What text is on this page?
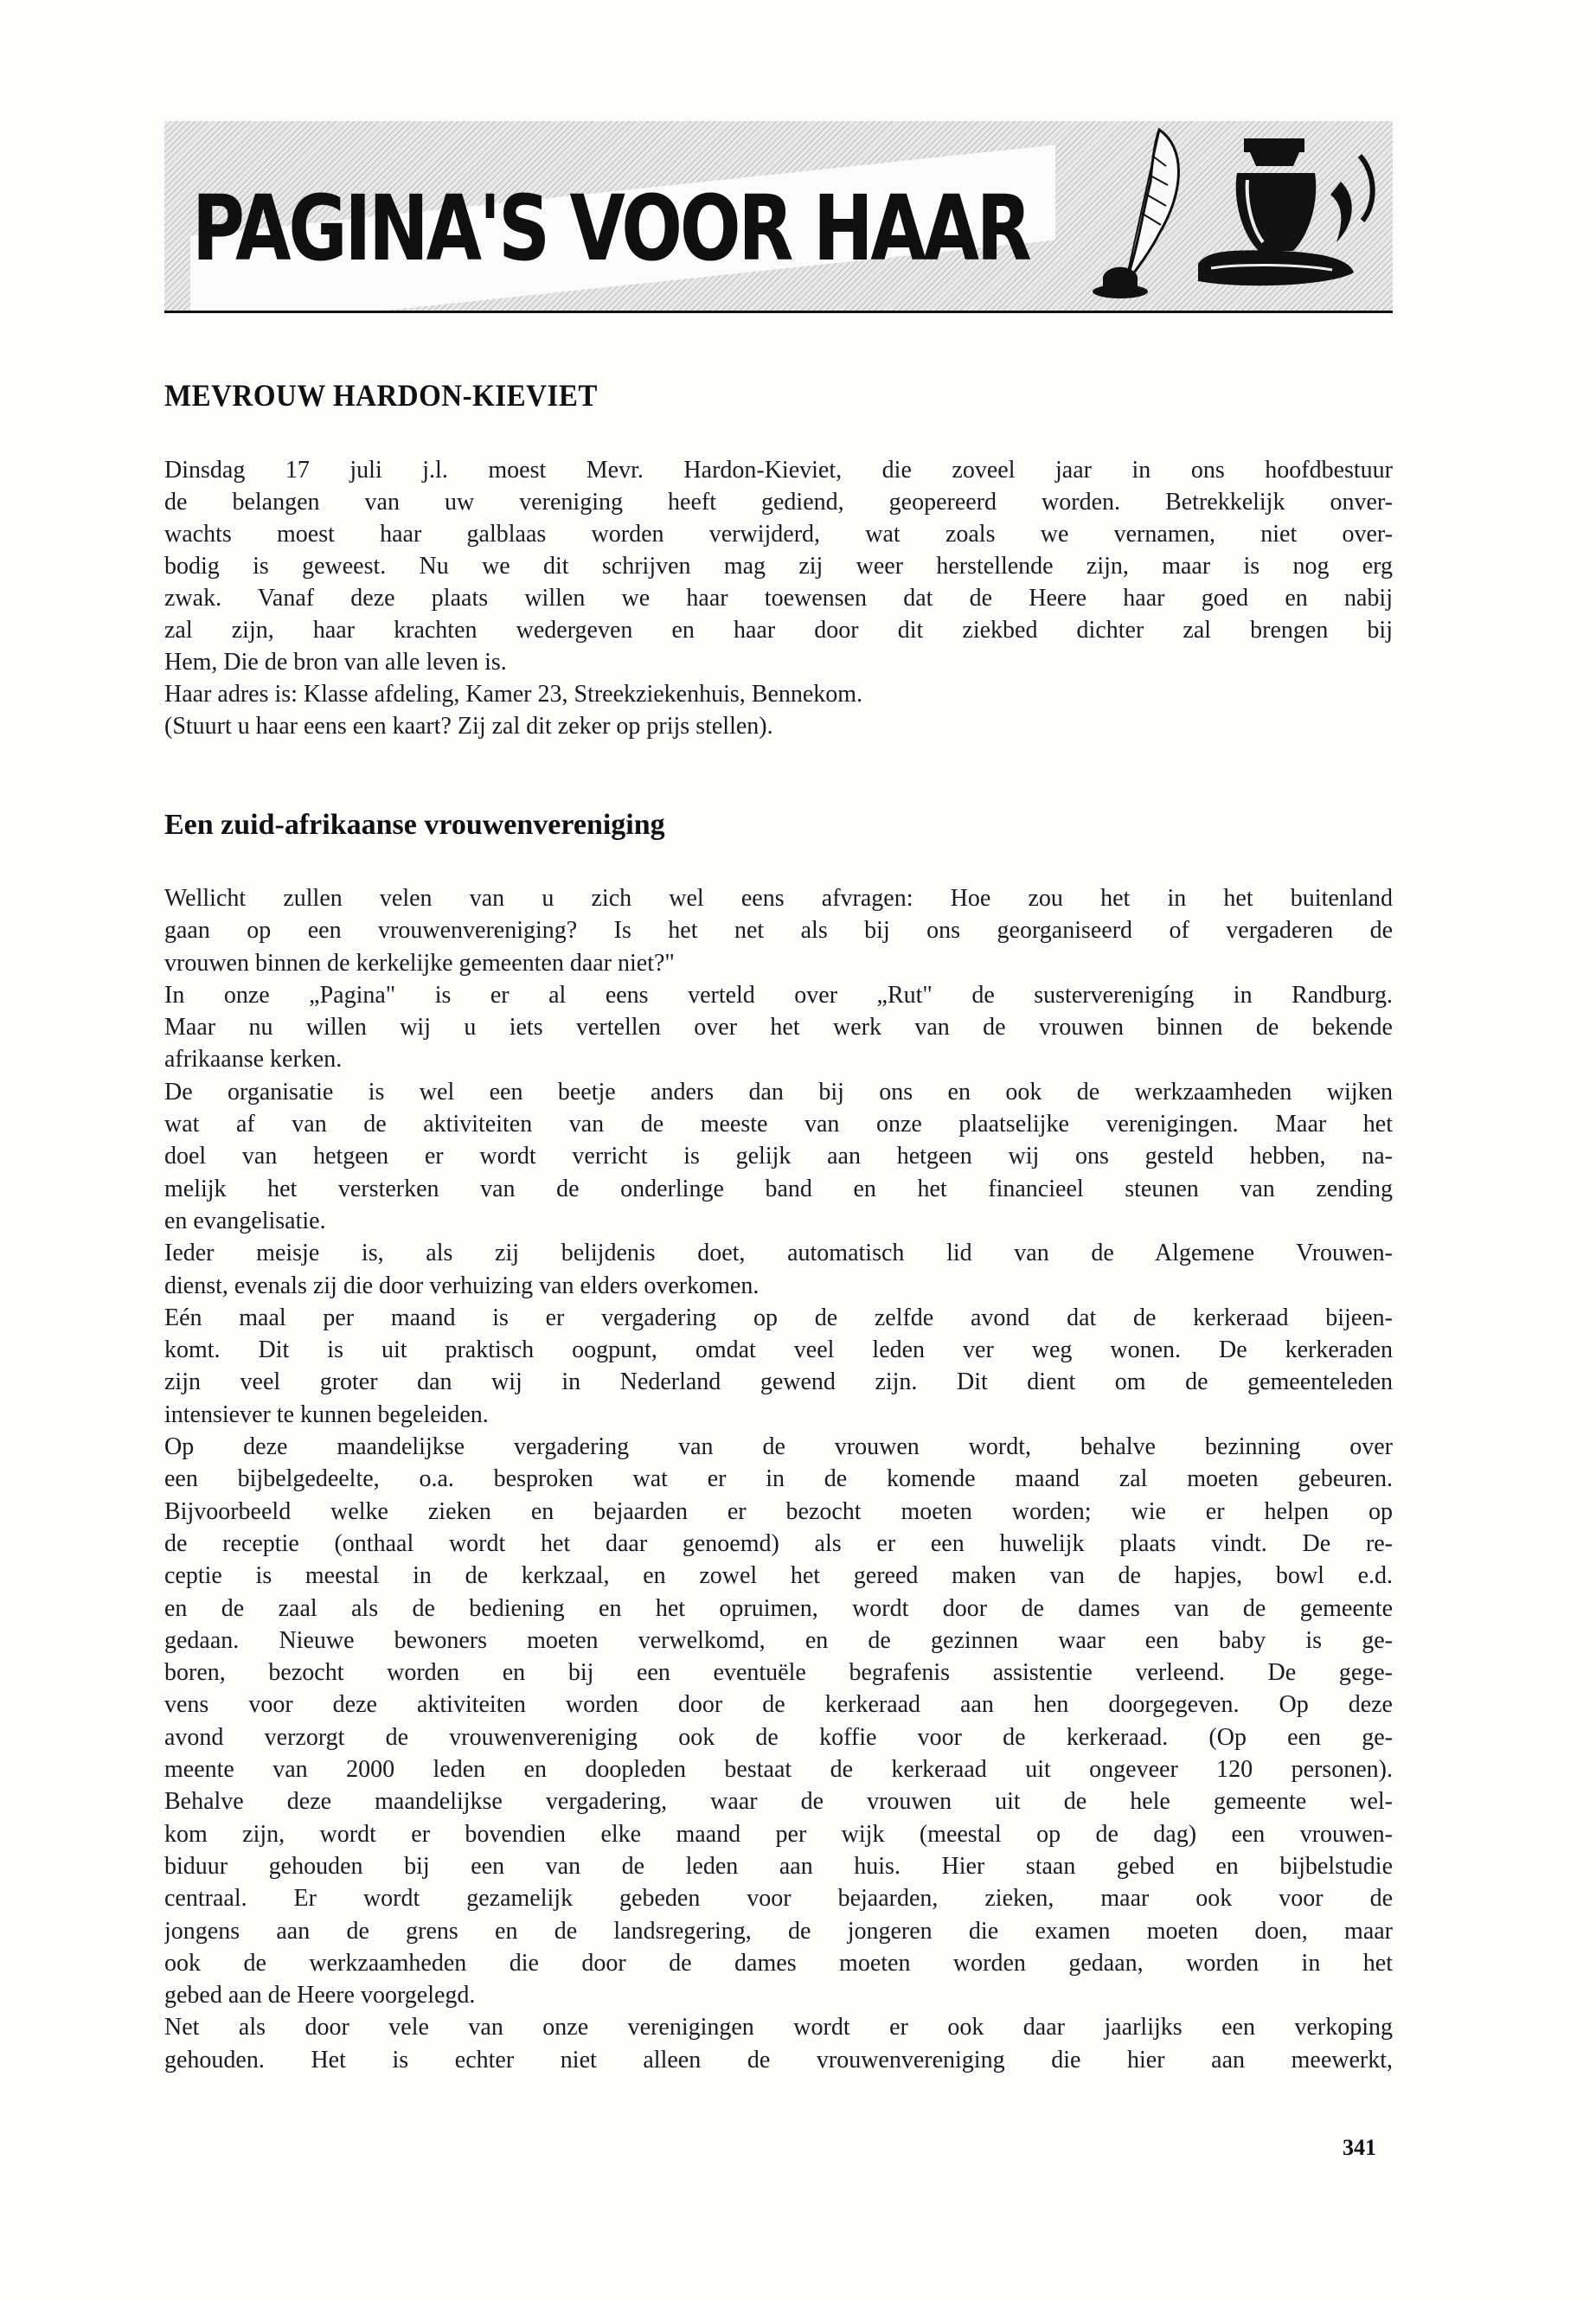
PAGINA'S VOOR HAAR
MEVROUW HARDON-KIEVIET
Dinsdag 17 juli j.l. moest Mevr. Hardon-Kieviet, die zoveel jaar in ons hoofdbestuur
de belangen van uw vereniging heeft gediend, geopereerd worden. Betrekkelijk onver-
wachts moest haar galblaas worden verwijderd, wat zoals we vernamen, niet over-
bodig is geweest. Nu we dit schrijven mag zij weer herstellende zijn, maar is nog erg
zwak. Vanaf deze plaats willen we haar toewensen dat de Heere haar goed en nabij
zal zijn, haar krachten wedergeven en haar door dit ziekbed dichter zal brengen bij
Hem, Die de bron van alle leven is.
Haar adres is: Klasse afdeling, Kamer 23, Streekziekenhuis, Bennekom.
(Stuurt u haar eens een kaart? Zij zal dit zeker op prijs stellen).
Een zuid-afrikaanse vrouwenvereniging
Wellicht zullen velen van u zich wel eens afvragen: Hoe zou het in het buitenland
gaan op een vrouwenvereniging? Is het net als bij ons georganiseerd of vergaderen de
vrouwen binnen de kerkelijke gemeenten daar niet?"
In onze „Pagina" is er al eens verteld over „Rut" de susterverenigíng in Randburg.
Maar nu willen wij u iets vertellen over het werk van de vrouwen binnen de bekende
afrikaanse kerken.
De organisatie is wel een beetje anders dan bij ons en ook de werkzaamheden wijken
wat af van de aktiviteiten van de meeste van onze plaatselijke verenigingen. Maar het
doel van hetgeen er wordt verricht is gelijk aan hetgeen wij ons gesteld hebben, na-
melijk het versterken van de onderlinge band en het financieel steunen van zending
en evangelisatie.
Ieder meisje is, als zij belijdenis doet, automatisch lid van de Algemene Vrouwen-
dienst, evenals zij die door verhuizing van elders overkomen.
Eén maal per maand is er vergadering op de zelfde avond dat de kerkeraad bijeen-
komt. Dit is uit praktisch oogpunt, omdat veel leden ver weg wonen. De kerkeraden
zijn veel groter dan wij in Nederland gewend zijn. Dit dient om de gemeenteleden
intensiever te kunnen begeleiden.
Op deze maandelijkse vergadering van de vrouwen wordt, behalve bezinning over
een bijbelgedeelte, o.a. besproken wat er in de komende maand zal moeten gebeuren.
Bijvoorbeeld welke zieken en bejaarden er bezocht moeten worden; wie er helpen op
de receptie (onthaal wordt het daar genoemd) als er een huwelijk plaats vindt. De re-
ceptie is meestal in de kerkzaal, en zowel het gereed maken van de hapjes, bowl e.d.
en de zaal als de bediening en het opruimen, wordt door de dames van de gemeente
gedaan. Nieuwe bewoners moeten verwelkomd, en de gezinnen waar een baby is ge-
boren, bezocht worden en bij een eventuële begrafenis assistentie verleend. De gege-
vens voor deze aktiviteiten worden door de kerkeraad aan hen doorgegeven. Op deze
avond verzorgt de vrouwenvereniging ook de koffie voor de kerkeraad. (Op een ge-
meente van 2000 leden en doopleden bestaat de kerkeraad uit ongeveer 120 personen).
Behalve deze maandelijkse vergadering, waar de vrouwen uit de hele gemeente wel-
kom zijn, wordt er bovendien elke maand per wijk (meestal op de dag) een vrouwen-
biduur gehouden bij een van de leden aan huis. Hier staan gebed en bijbelstudie
centraal. Er wordt gezamelijk gebeden voor bejaarden, zieken, maar ook voor de
jongens aan de grens en de landsregering, de jongeren die examen moeten doen, maar
ook de werkzaamheden die door de dames moeten worden gedaan, worden in het
gebed aan de Heere voorgelegd.
Net als door vele van onze verenigingen wordt er ook daar jaarlijks een verkoping
gehouden. Het is echter niet alleen de vrouwenvereniging die hier aan meewerkt,
341
